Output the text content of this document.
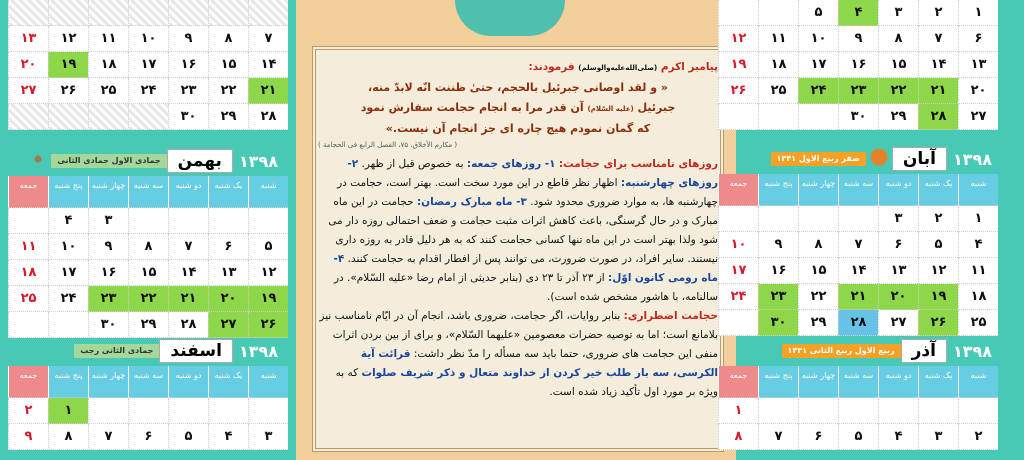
پیامبر اکرم (صلی‌الله‌علیه‌والوسلم) فرمودند:
« و لقد اوصانی جبرئیل بالحجم، حتیٰ ظننت انّه لابدّ منه،
جبرئیل (علیه السّلام) آن قدر مرا به انجام حجامت سفارش نمود
که گمان نمودم هیچ چاره ای جز انجام آن نیست.»
( مکارم الأخلاق، ۷۵، الفصل الرابع فی الحجامة )
روزهای نامناسب برای حجامت: ۱- روزهای جمعه: به خصوص قبل از ظهر. ۲- روزهای چهارشنبه: اظهار نظر قاطع در این مورد سخت است. بهتر است، حجامت در چهارشنبه ها، به موارد ضروری محدود شود. ۳- ماه مبارک رمضان: حجامت در این ماه مبارک و در حال گرسنگی، باعث کاهش اثرات مثبت حجامت و ضعف احتمالی روزه دار می شود ولذا بهتر است در این ماه تنها کسانی حجامت کنند که به هر دلیل قادر به روزه داری نیستند. سایر افراد، در صورت ضرورت، می توانند پس از افطار اقدام به حجامت کنند. ۴- ماه رومی کانون اوّل: از ۲۳ آذر تا ۲۳ دی (بنابر حدیثی از امام رضا «علیه السّلام». در سالنامه، با هاشور مشخص شده است).
حجامت اضطراری: بنابر روایات، اگر حجامت، ضروری باشد، انجام آن در ایّام نامناسب نیز بلامانع است؛ اما به توصیه حضرات معصومین «علیهما السّلام»، و برای از بین بردن اثرات منفی این حجامت های ضروری، حتما باید سه مسأله را مدّ نظر داشت: قرائت آیة الکرسی، سه بار طلب خیر کردن از خداوند متعال و ذکر شریف صلوات که به ویژه بر مورد اول تأکید زیاد شده است.
۷
۸
۹
۱۰
۱۱
۱۲
۱۳
۱۴
۱۵
۱۶
۱۷
۱۸
۱۹
۲۰
۲۱
۲۲
۲۳
۲۴
۲۵
۲۶
۲۷
۲۸
۲۹
۳۰
۱۳۹۸
بهمن
جمادی الاول جمادی الثانی
شنبه
یک شنبه
دو شنبه
سه شنبه
چهار شنبه
پنج شنبه
جمعه
۳
۴
۵
۶
۷
۸
۹
۱۰
۱۱
۱۲
۱۳
۱۴
۱۵
۱۶
۱۷
۱۸
۱۹
۲۰
۲۱
۲۲
۲۳
۲۴
۲۵
۲۶
۲۷
۲۸
۲۹
۳۰
۱۳۹۸
اسفند
جمادی الثانی رجب
شنبه
یک شنبه
دو شنبه
سه شنبه
چهار شنبه
پنج شنبه
جمعه
۱
۲
۳
۴
۵
۶
۷
۸
۹
۱
۲
۳
۴
۵
۶
۷
۸
۹
۱۰
۱۱
۱۲
۱۳
۱۴
۱۵
۱۶
۱۷
۱۸
۱۹
۲۰
۲۱
۲۲
۲۳
۲۴
۲۵
۲۶
۲۷
۲۸
۲۹
۳۰
۱۳۹۸
آبان
صفر ربیع الاول ۱۴۴۱
شنبه
یک شنبه
دو شنبه
سه شنبه
چهار شنبه
پنج شنبه
جمعه
۱
۲
۳
۴
۵
۶
۷
۸
۹
۱۰
۱۱
۱۲
۱۳
۱۴
۱۵
۱۶
۱۷
۱۸
۱۹
۲۰
۲۱
۲۲
۲۳
۲۴
۲۵
۲۶
۲۷
۲۸
۲۹
۳۰
۱۳۹۸
آذر
ربیع الاول ربیع الثانی ۱۴۴۱
شنبه
یک شنبه
دو شنبه
سه شنبه
چهار شنبه
پنج شنبه
جمعه
۱
۲
۳
۴
۵
۶
۷
۸
